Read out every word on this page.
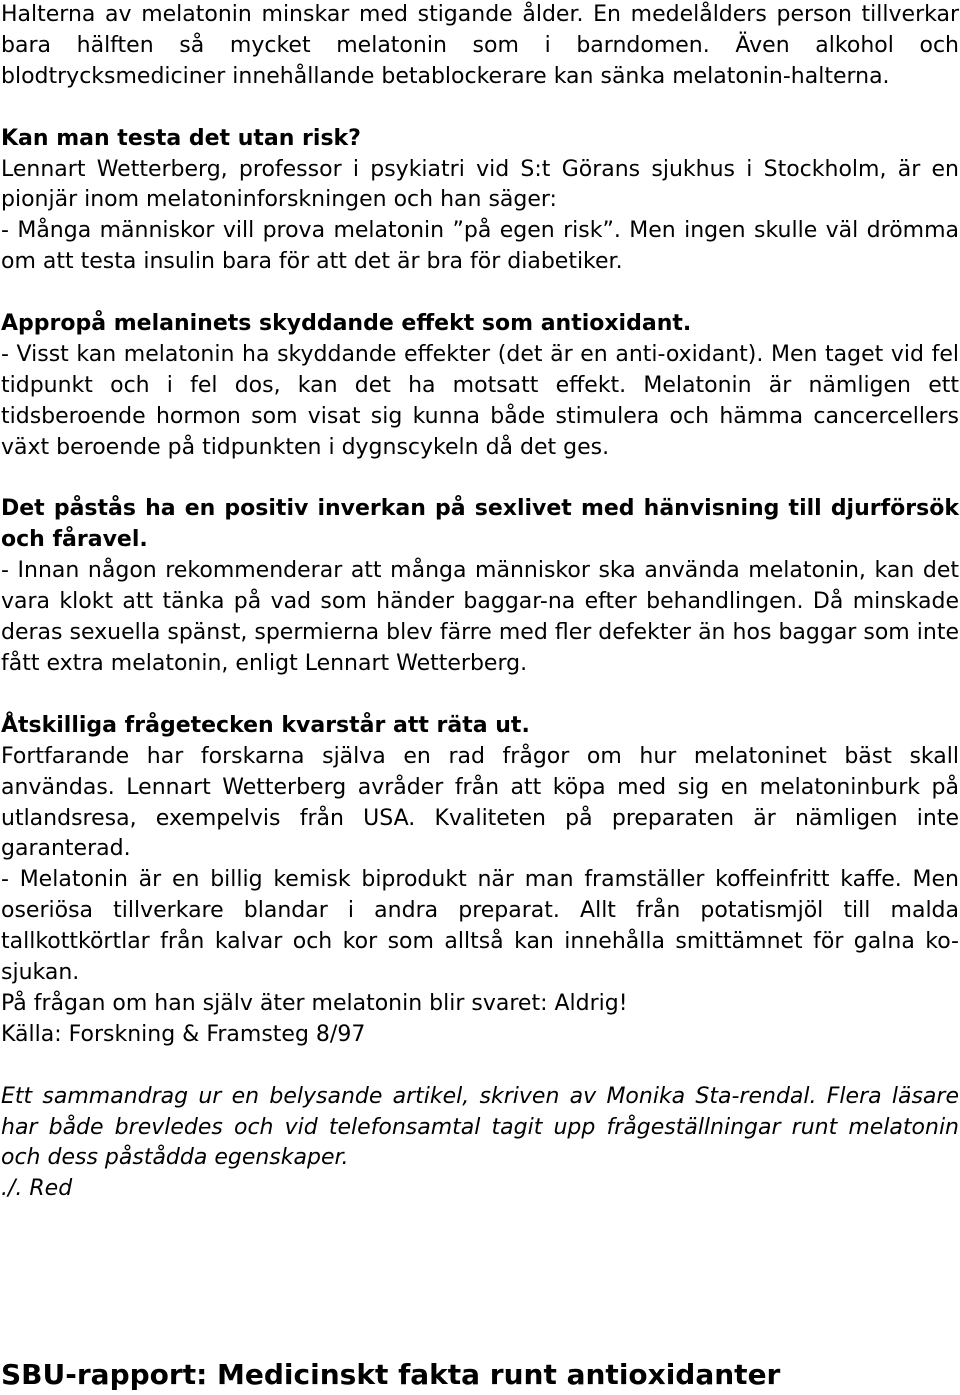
Halterna av melatonin minskar med stigande ålder. En medelålders person tillverkar bara hälften så mycket melatonin som i barndomen. Även alkohol och blodtrycksmediciner innehållande betablockerare kan sänka melatonin-halterna.

Kan man testa det utan risk?

Lennart Wetterberg, professor i psykiatri vid S:t Görans sjukhus i Stockholm, är en pionjär inom melatoninforskningen och han säger:

- Många människor vill prova melatonin ”på egen risk”. Men ingen skulle väl drömma om att testa insulin bara för att det är bra för diabetiker.

Appropå melaninets skyddande effekt som antioxidant.

- Visst kan melatonin ha skyddande effekter (det är en anti-oxidant). Men taget vid fel tidpunkt och i fel dos, kan det ha motsatt effekt. Melatonin är nämligen ett tidsberoende hormon som visat sig kunna både stimulera och hämma cancercellers växt beroende på tidpunkten i dygnscykeln då det ges.

Det påstås ha en positiv inverkan på sexlivet med hänvisning till djurförsök och fåravel.

- Innan någon rekommenderar att många människor ska använda melatonin, kan det vara klokt att tänka på vad som händer baggar-na efter behandlingen. Då minskade deras sexuella spänst, spermierna blev färre med fler defekter än hos baggar som inte fått extra melatonin, enligt Lennart Wetterberg.

Åtskilliga frågetecken kvarstår att räta ut.

Fortfarande har forskarna själva en rad frågor om hur melatoninet bäst skall användas. Lennart Wetterberg avråder från att köpa med sig en melatoninburk på utlandsresa, exempelvis från USA. Kvaliteten på preparaten är nämligen inte garanterad.

- Melatonin är en billig kemisk biprodukt när man framställer koffeinfritt kaffe. Men oseriösa tillverkare blandar i andra preparat. Allt från potatismjöl till malda tallkottkörtlar från kalvar och kor som alltså kan innehålla smittämnet för galna ko-sjukan.

På frågan om han själv äter melatonin blir svaret: Aldrig!

Källa: Forskning & Framsteg 8/97

Ett sammandrag ur en belysande artikel, skriven av Monika Sta-rendal. Flera läsare har både brevledes och vid telefonsamtal tagit upp frågeställningar runt melatonin och dess påstådda egenskaper.

./. Red

SBU-rapport: Medicinskt fakta runt antioxidanter
